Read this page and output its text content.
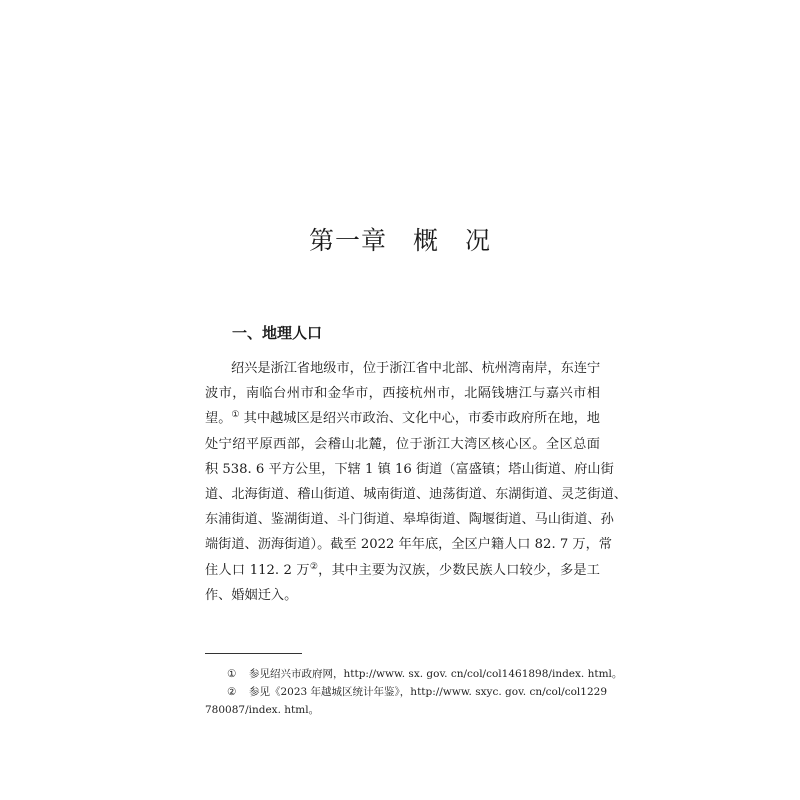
第一章　概　况
一、地理人口
绍兴是浙江省地级市，位于浙江省中北部、杭州湾南岸，东连宁
波市，南临台州市和金华市，西接杭州市，北隔钱塘江与嘉兴市相
望。① 其中越城区是绍兴市政治、文化中心，市委市政府所在地，地
处宁绍平原西部，会稽山北麓，位于浙江大湾区核心区。全区总面
积 538. 6 平方公里，下辖 1 镇 16 街道（富盛镇；塔山街道、府山街
道、北海街道、稽山街道、城南街道、迪荡街道、东湖街道、灵芝街道、
东浦街道、鉴湖街道、斗门街道、皋埠街道、陶堰街道、马山街道、孙
端街道、沥海街道）。截至 2022 年年底，全区户籍人口 82. 7 万，常
住人口 112. 2 万②，其中主要为汉族，少数民族人口较少，多是工
作、婚姻迁入。
① 参见绍兴市政府网，http://www. sx. gov. cn/col/col1461898/index. html。
② 参见《2023 年越城区统计年鉴》，http://www. sxyc. gov. cn/col/col1229
780087/index. html。
